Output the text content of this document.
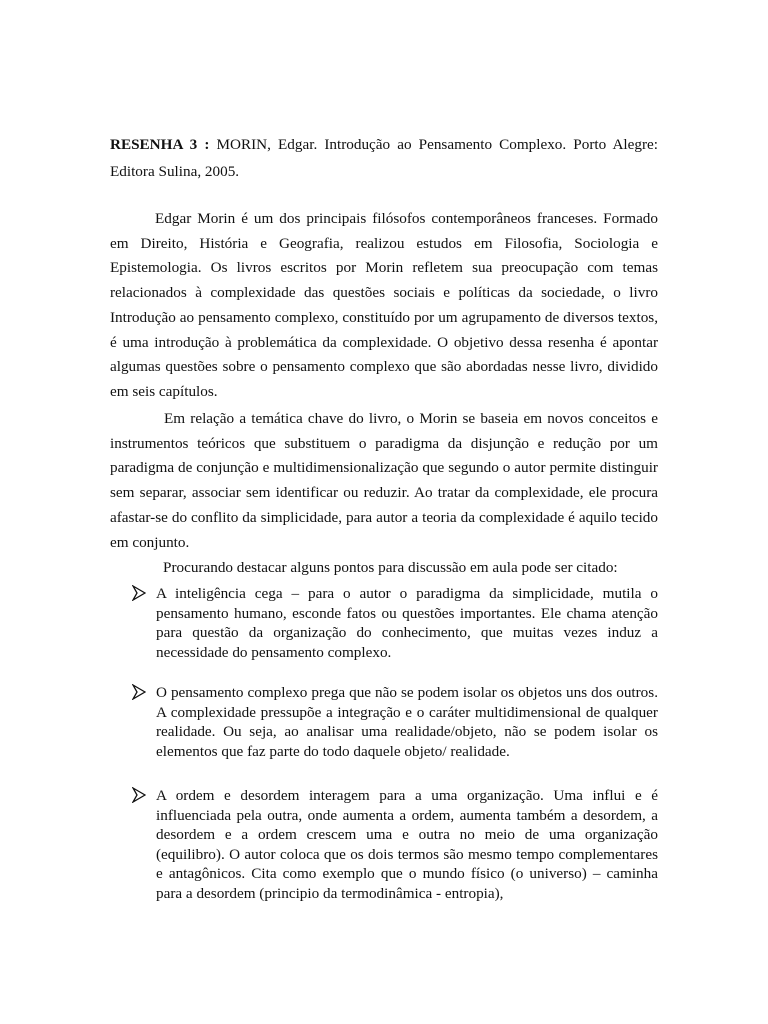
RESENHA 3 : MORIN, Edgar. Introdução ao Pensamento Complexo. Porto Alegre: Editora Sulina, 2005.

Edgar Morin é um dos principais filósofos contemporâneos franceses. Formado em Direito, História e Geografia, realizou estudos em Filosofia, Sociologia e Epistemologia. Os livros escritos por Morin refletem sua preocupação com temas relacionados à complexidade das questões sociais e políticas da sociedade, o livro Introdução ao pensamento complexo, constituído por um agrupamento de diversos textos, é uma introdução à problemática da complexidade. O objetivo dessa resenha é apontar algumas questões sobre o pensamento complexo que são abordadas nesse livro, dividido em seis capítulos.

Em relação a temática chave do livro, o Morin se baseia em novos conceitos e instrumentos teóricos que substituem o paradigma da disjunção e redução por um paradigma de conjunção e multidimensionalização que segundo o autor permite distinguir sem separar, associar sem identificar ou reduzir. Ao tratar da complexidade, ele procura afastar-se do conflito da simplicidade, para autor a teoria da complexidade é aquilo tecido em conjunto.

Procurando destacar alguns pontos para discussão em aula pode ser citado:

A inteligência cega – para o autor o paradigma da simplicidade, mutila o pensamento humano, esconde fatos ou questões importantes. Ele chama atenção para questão da organização do conhecimento, que muitas vezes induz a necessidade do pensamento complexo.
O pensamento complexo prega que não se podem isolar os objetos uns dos outros. A complexidade pressupõe a integração e o caráter multidimensional de qualquer realidade. Ou seja, ao analisar uma realidade/objeto, não se podem isolar os elementos que faz parte do todo daquele objeto/ realidade.
A ordem e desordem interagem para a uma organização. Uma influi e é influenciada pela outra, onde aumenta a ordem, aumenta também a desordem, a desordem e a ordem crescem uma e outra no meio de uma organização (equilibro). O autor coloca que os dois termos são mesmo tempo complementares e antagônicos. Cita como exemplo que o mundo físico (o universo) – caminha para a desordem (principio da termodinâmica - entropia),
